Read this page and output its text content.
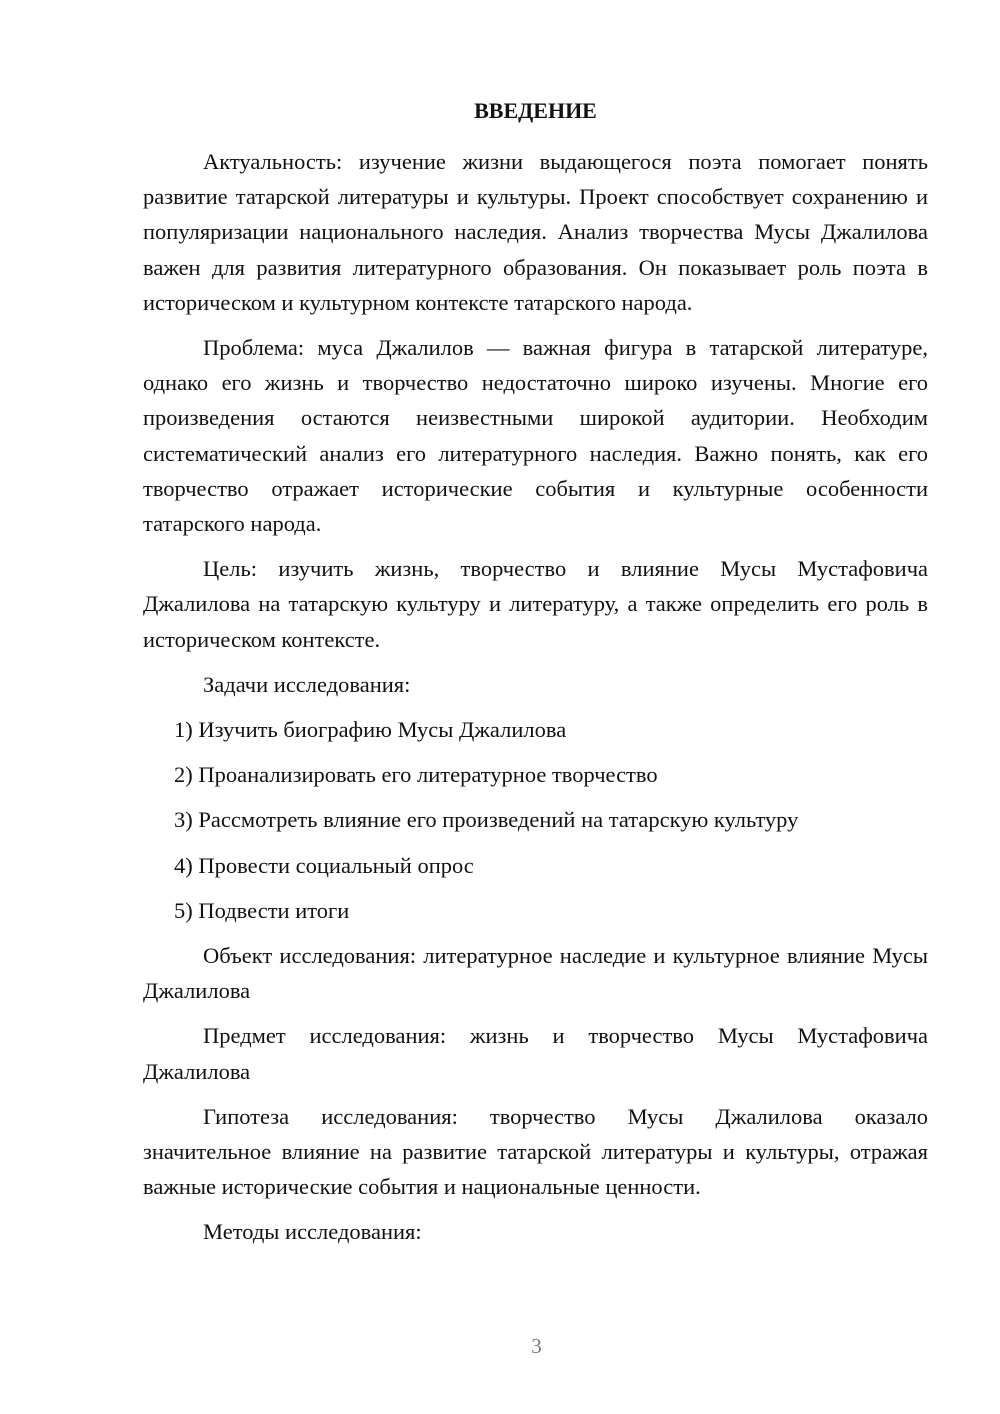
ВВЕДЕНИЕ

Актуальность: изучение жизни выдающегося поэта помогает понять развитие татарской литературы и культуры. Проект способствует сохранению и популяризации национального наследия. Анализ творчества Мусы Джалилова важен для развития литературного образования. Он показывает роль поэта в историческом и культурном контексте татарского народа.

Проблема: муса Джалилов — важная фигура в татарской литературе, однако его жизнь и творчество недостаточно широко изучены. Многие его произведения остаются неизвестными широкой аудитории. Необходим систематический анализ его литературного наследия. Важно понять, как его творчество отражает исторические события и культурные особенности татарского народа.

Цель: изучить жизнь, творчество и влияние Мусы Мустафовича Джалилова на татарскую культуру и литературу, а также определить его роль в историческом контексте.

Задачи исследования:

1) Изучить биографию Мусы Джалилова
2) Проанализировать его литературное творчество
3) Рассмотреть влияние его произведений на татарскую культуру
4) Провести социальный опрос
5) Подвести итоги

Объект исследования: литературное наследие и культурное влияние Мусы Джалилова

Предмет исследования: жизнь и творчество Мусы Мустафовича Джалилова

Гипотеза исследования: творчество Мусы Джалилова оказало значительное влияние на развитие татарской литературы и культуры, отражая важные исторические события и национальные ценности.

Методы исследования:

3
